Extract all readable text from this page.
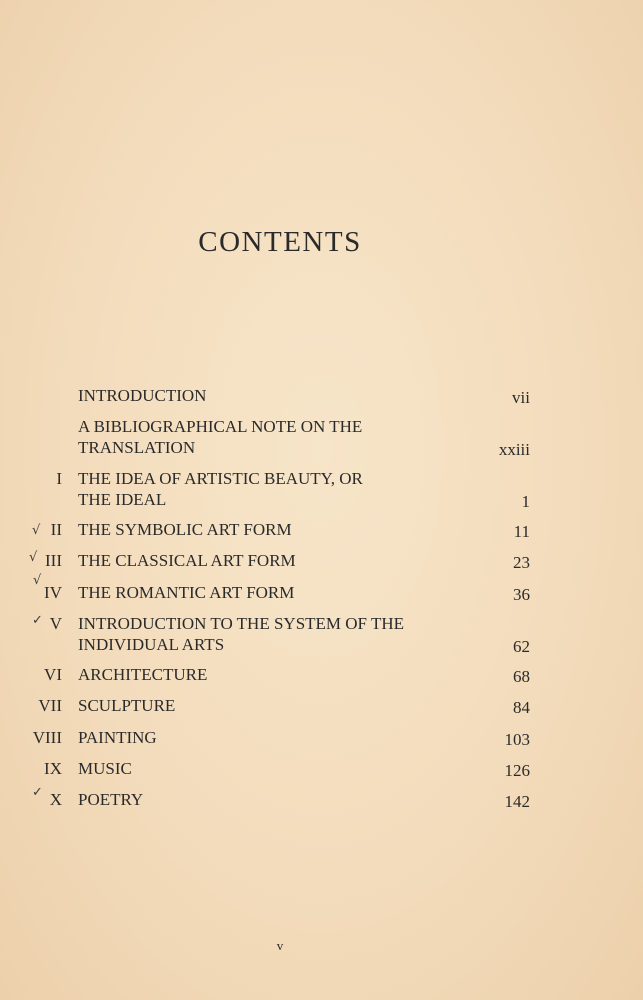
CONTENTS
INTRODUCTION	vii
A BIBLIOGRAPHICAL NOTE ON THE
TRANSLATION	xxiii
I THE IDEA OF ARTISTIC BEAUTY, OR
THE IDEAL	1
√ II THE SYMBOLIC ART FORM	11
√ III THE CLASSICAL ART FORM	23
√
IV THE ROMANTIC ART FORM	36
✓ V INTRODUCTION TO THE SYSTEM OF THE
INDIVIDUAL ARTS	62
VI ARCHITECTURE	68
VII SCULPTURE	84
VIII PAINTING	103
IX MUSIC	126
✓ X POETRY	142
v
